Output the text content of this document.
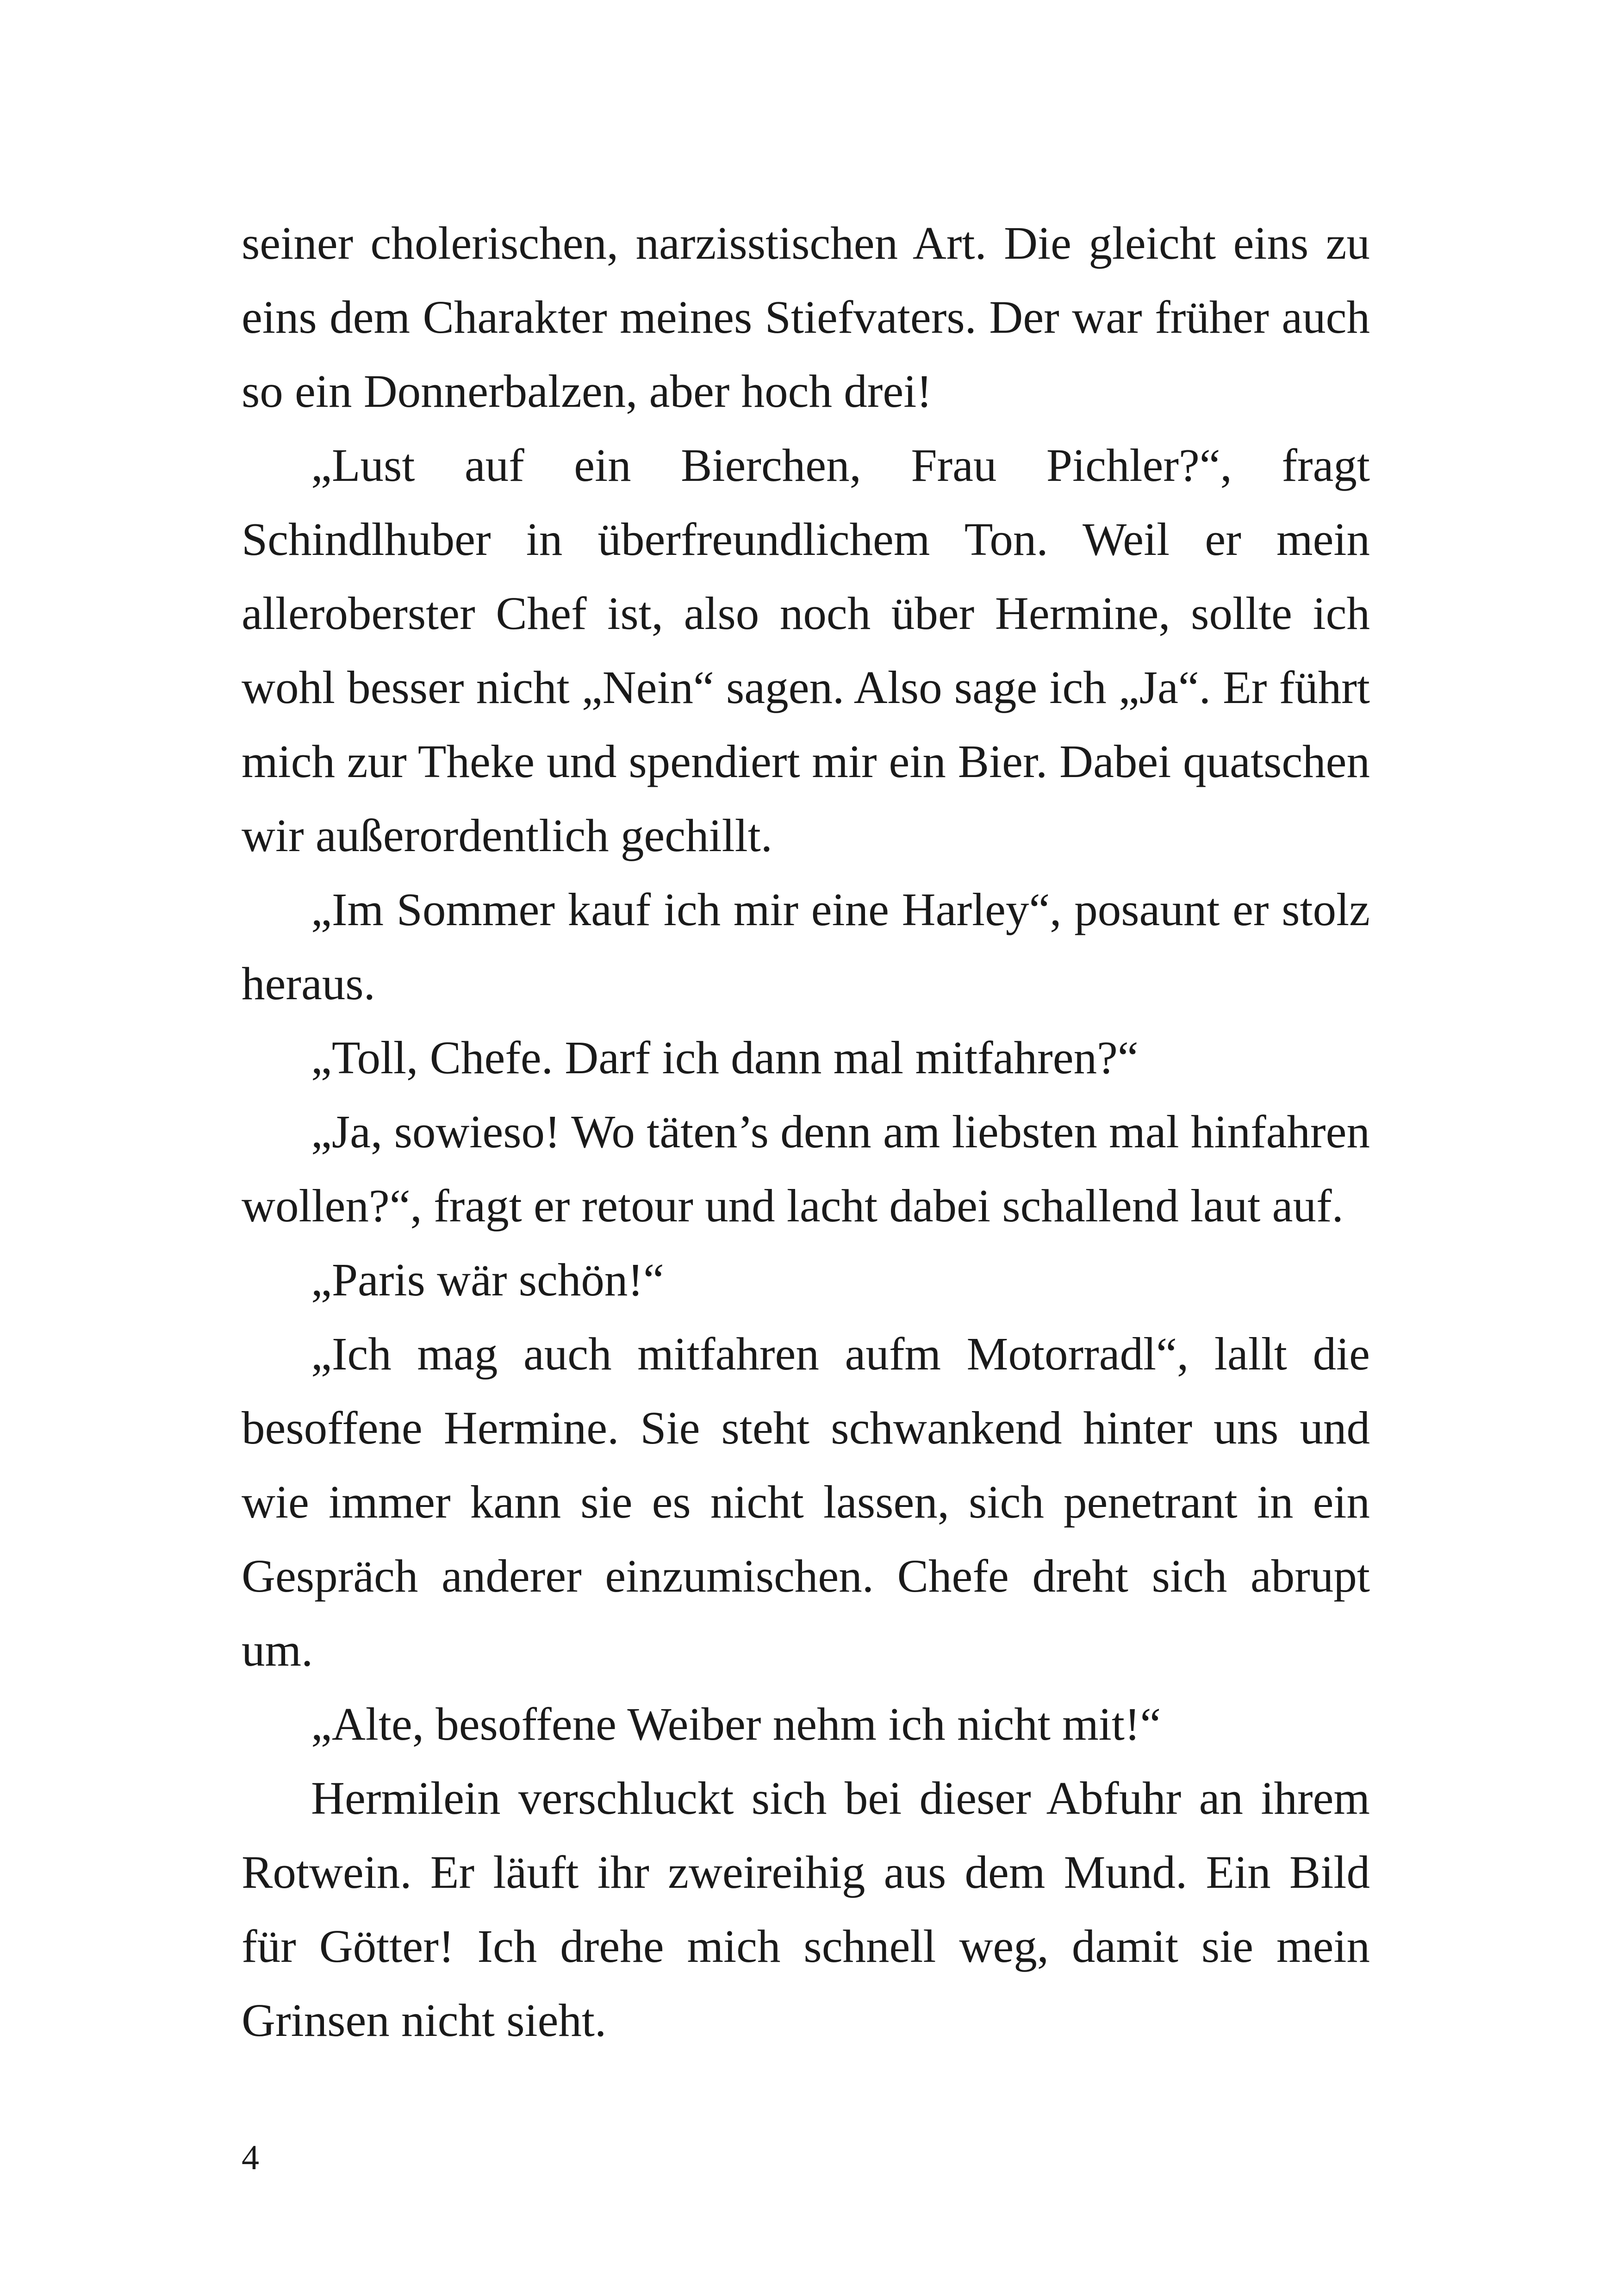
seiner cholerischen, narzisstischen Art. Die gleicht eins zu eins dem Charakter meines Stiefvaters. Der war früher auch so ein Donnerbalzen, aber hoch drei!

„Lust auf ein Bierchen, Frau Pichler?“, fragt Schindlhuber in überfreundlichem Ton. Weil er mein alleroberster Chef ist, also noch über Hermine, sollte ich wohl besser nicht „Nein“ sagen. Also sage ich „Ja“. Er führt mich zur Theke und spendiert mir ein Bier. Dabei quatschen wir außerordentlich gechillt.

„Im Sommer kauf ich mir eine Harley“, posaunt er stolz heraus.

„Toll, Chefe. Darf ich dann mal mitfahren?“

„Ja, sowieso! Wo täten’s denn am liebsten mal hinfahren wollen?“, fragt er retour und lacht dabei schallend laut auf.

„Paris wär schön!“

„Ich mag auch mitfahren aufm Motorradl“, lallt die besoffene Hermine. Sie steht schwankend hinter uns und wie immer kann sie es nicht lassen, sich penetrant in ein Gespräch anderer einzumischen. Chefe dreht sich abrupt um.

„Alte, besoffene Weiber nehm ich nicht mit!“

Hermilein verschluckt sich bei dieser Abfuhr an ihrem Rotwein. Er läuft ihr zweireihig aus dem Mund. Ein Bild für Götter! Ich drehe mich schnell weg, damit sie mein Grinsen nicht sieht.

4
